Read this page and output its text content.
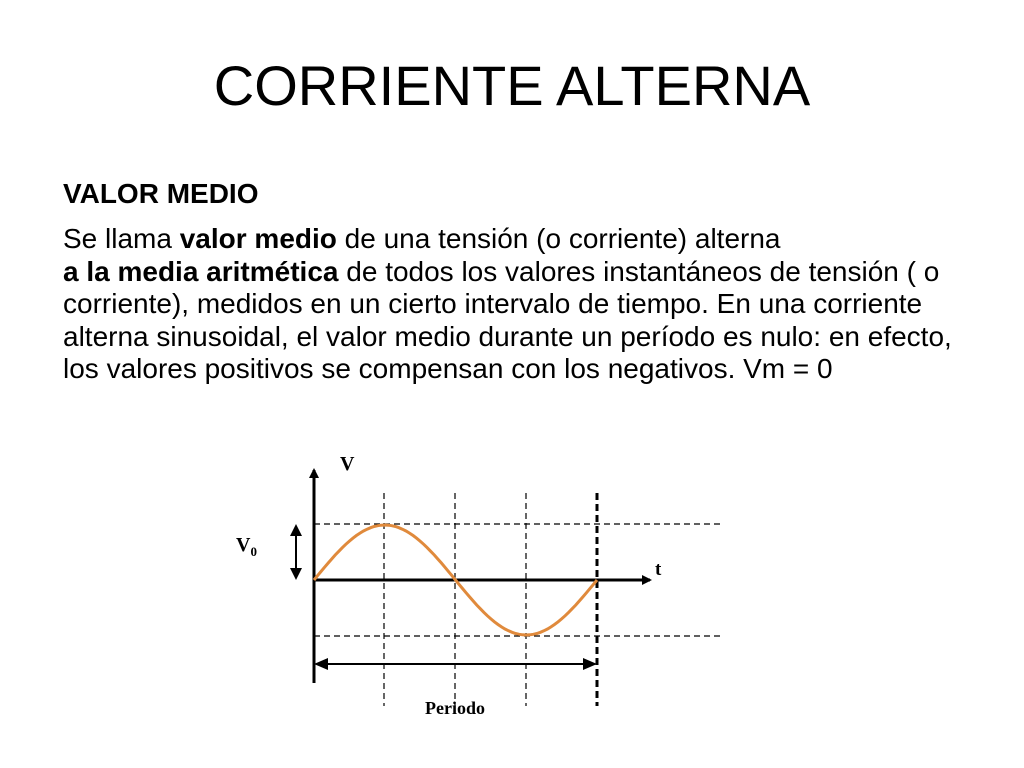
CORRIENTE ALTERNA
VALOR MEDIO

Se llama valor medio de una tensión (o corriente) alterna
a la media aritmética de todos los valores instantáneos de tensión ( o corriente), medidos en un cierto intervalo de tiempo. En una corriente alterna sinusoidal, el valor medio durante un período es nulo: en efecto, los valores positivos se compensan con los negativos. Vm = 0

V
t
$V_0$
Periodo
